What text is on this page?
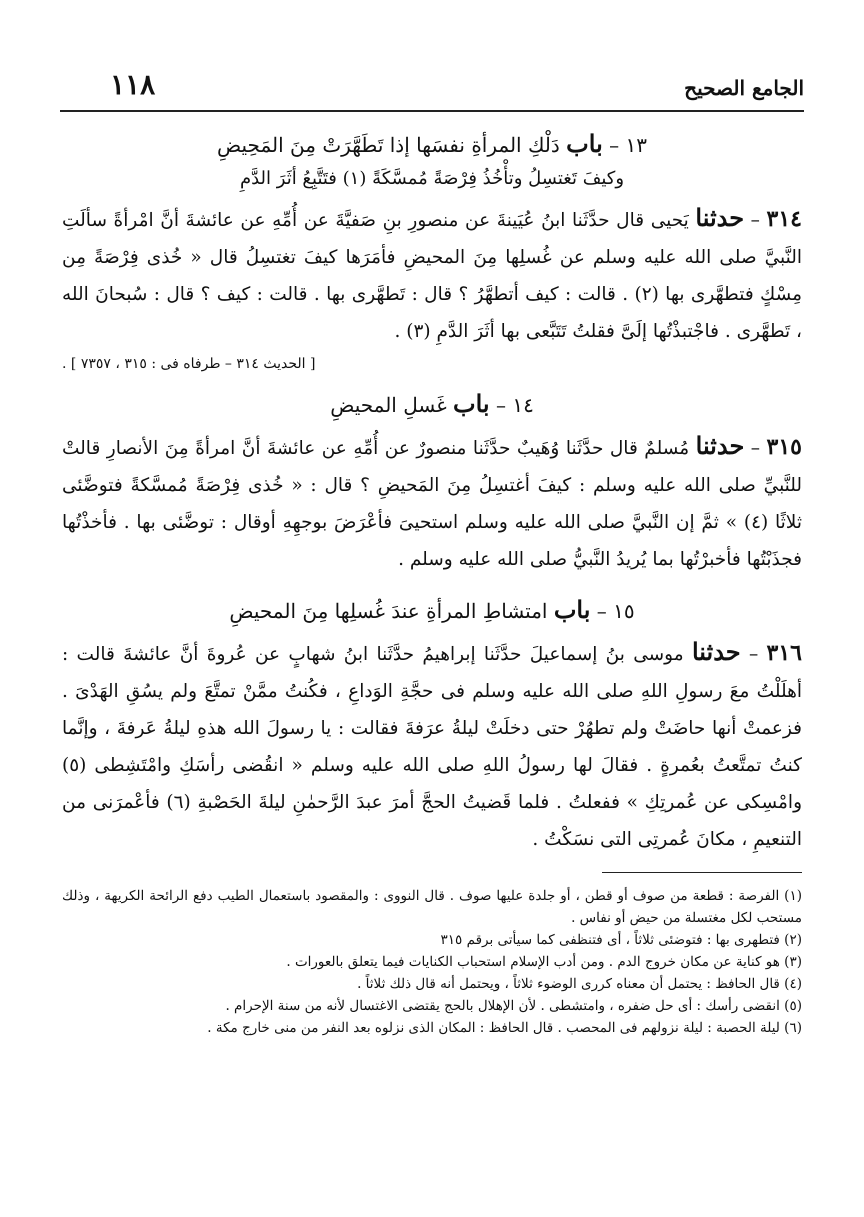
١١٨	الجامع الصحيح
١٣ – باب دَلْكِ المرأةِ نفسَها إذا تَطَهَّرَتْ مِنَ المَحِيضِ
وكيفَ تَغتسِلُ وتأْخُذُ فِرْصَةً مُمسَّكَةً (١) فتَتَّبِعُ أثَرَ الدَّمِ

٣١٤ – حدثنا يَحيى قال حدَّثَنا ابنُ عُيَينةَ عن منصورِ بنِ صَفيَّةَ عن أُمِّهِ عن عائشةَ أنَّ امْرأةً سألَتِ النَّبيَّ صلى الله عليه وسلم عن غُسلِها مِنَ المحيضِ فأمَرَها كيفَ تغتسِلُ قال « خُذى فِرْصَةً مِن مِسْكٍ فتطهَّرى بها (٢) . قالت : كيف أتطهَّرُ ؟ قال : تَطهَّرى بها . قالت : كيف ؟ قال : سُبحانَ الله ، تَطهَّرى . فاجْتبذْتُها إلَىَّ فقلتُ تَتَبَّعى بها أثَرَ الدَّمِ (٣) .

[ الحديث ٣١٤ – طرفاه فى : ٣١٥ ، ٧٣٥٧ ] .
١٤ – باب غَسلِ المحيضِ

٣١٥ – حدثنا مُسلمٌ قال حدَّثَنا وُهَيبٌ حدَّثَنا منصورٌ عن أُمِّهِ عن عائشةَ أنَّ امرأةً مِنَ الأنصارِ قالتْ للنَّبيِّ صلى الله عليه وسلم : كيفَ أغتسِلُ مِنَ المَحيضِ ؟ قال : « خُذى فِرْصَةً مُمسَّكةً فتوضَّئى ثلاثًا (٤) » ثمَّ إن النَّبيَّ صلى الله عليه وسلم استحيىَ فأعْرَضَ بوجهِهِ أوقال : توضَّئى بها . فأخذْتُها فجذَبْتُها فأخبرْتُها بما يُريدُ النَّبيُّ صلى الله عليه وسلم .

١٥ – باب امتشاطِ المرأةِ عندَ غُسلِها مِنَ المحيضِ

٣١٦ – حدثنا موسى بنُ إسماعيلَ حدَّثَنا إبراهيمُ حدَّثَنا ابنُ شهابٍ عن عُروةَ أنَّ عائشةَ قالت : أهلَلْتُ معَ رسولِ اللهِ صلى الله عليه وسلم فى حجَّةِ الوَداعِ ، فكُنتُ ممَّنْ تمتَّعَ ولم يسُقِ الهَدْىَ . فزعمتْ أنها حاضَتْ ولم تطهُرْ حتى دخلَتْ ليلةُ عرَفةَ فقالت : يا رسولَ الله هذهِ ليلةُ عَرفةَ ، وإنَّما كنتُ تمتَّعتُ بعُمرةٍ . فقالَ لها رسولُ اللهِ صلى الله عليه وسلم « انقُضى رأسَكِ وامْتَشِطى (٥) وامْسِكى عن عُمرتِكِ » ففعلتُ . فلما قَضيتُ الحجَّ أمرَ عبدَ الرَّحمٰنِ ليلةَ الحَصْبةِ (٦) فأعْمرَنى من التنعيمِ ، مكانَ عُمرتِى التى نسَكْتُ .

(١) الفرصة : قطعة من صوف أو قطن ، أو جلدة عليها صوف . قال النووى : والمقصود باستعمال الطيب دفع الرائحة الكريهة ، وذلك مستحب لكل مغتسلة من حيض أو نفاس .

(٢) فتطهرى بها : فتوضئى ثلاثاً ، أى فتنظفى كما سيأتى برقم ٣١٥

(٣) هو كناية عن مكان خروج الدم . ومن أدب الإسلام استحباب الكنايات فيما يتعلق بالعورات .

(٤) قال الحافظ : يحتمل أن معناه كررى الوضوء ثلاثاً ، ويحتمل أنه قال ذلك ثلاثاً .

(٥) انقضى رأسك : أى حل ضفره ، وامتشطى . لأن الإهلال بالحج يقتضى الاغتسال لأنه من سنة الإحرام .

(٦) ليلة الحصبة : ليلة نزولهم فى المحصب . قال الحافظ : المكان الذى نزلوه بعد النفر من منى خارج مكة .
